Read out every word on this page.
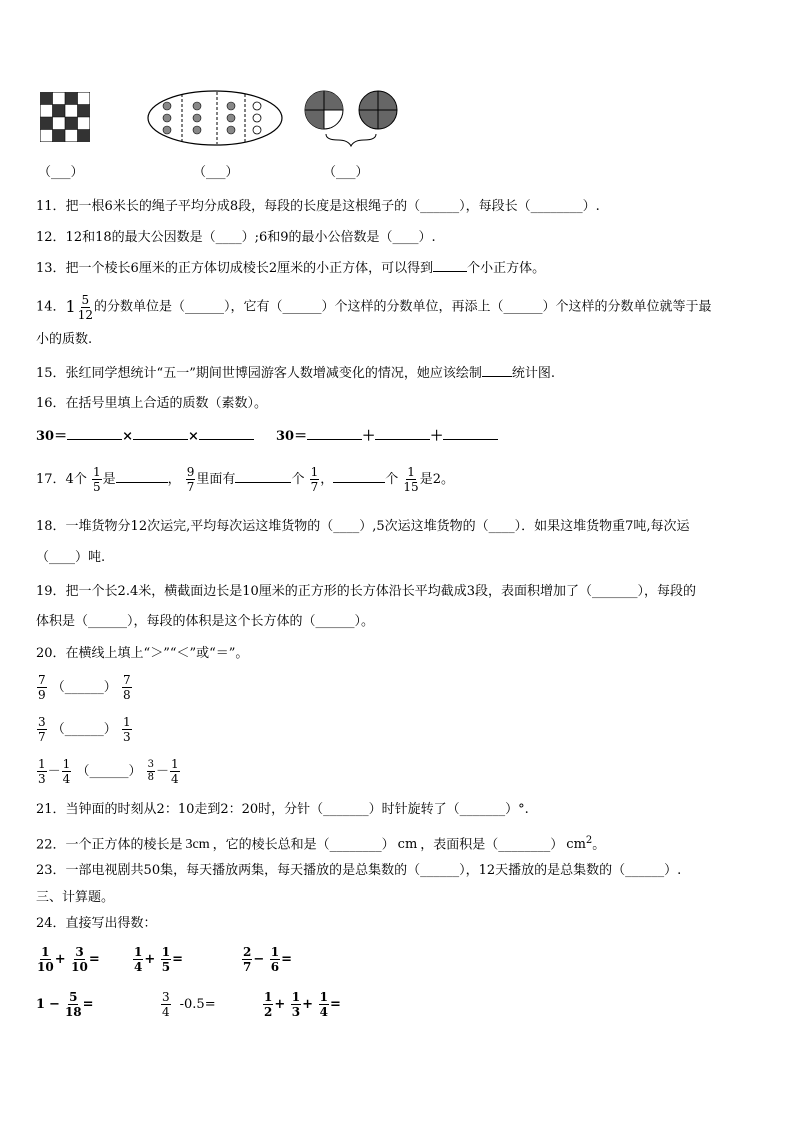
（___）	（___）	（___）
11．把一根6米长的绳子平均分成8段，每段的长度是这根绳子的（______），每段长（________）.
12．12和18的最大公因数是（____）;6和9的最小公倍数是（____）.
13．把一个棱长6厘米的正方体切成棱长2厘米的小正方体，可以得到	个小正方体。
14． $1 \frac{5}{12}$ 的分数单位是（______），它有（______）个这样的分数单位，再添上（______）个这样的分数单位就等于最
小的质数.
15．张红同学想统计“五一”期间世博园游客人数增减变化的情况，她应该绘制 统计图.
16．在括号里填上合适的质数（素数）。
30＝	×	×	30＝	＋	＋
17．4个 $\frac{1}{5}$ 是	， $\frac{9}{7}$ 里面有	个 $\frac{1}{7}$ ，	个 $\frac{1}{15}$ 是2。
18．一堆货物分12次运完,平均每次运这堆货物的（____）,5次运这堆货物的（____）．如果这堆货物重7吨,每次运
（____）吨.
19．把一个长2.4米，横截面边长是10厘米的正方形的长方体沿长平均截成3段，表面积增加了（_______），每段的
体积是（______），每段的体积是这个长方体的（______）。
20．在横线上填上“＞”“＜”或“＝”。
$\frac{7}{9}$ （______） $\frac{7}{8}$
$\frac{3}{7}$ （______） $\frac{1}{3}$
$\frac{1}{3} - \frac{1}{4}$ （______） $\frac{3}{8} - \frac{1}{4}$
21．当钟面的时刻从2：10走到2：20时，分针（_______）时针旋转了（_______）°.
22．一个正方体的棱长是 3cm ，它的棱长总和是（________） cm ，表面积是（________） $cm^2$。
23．一部电视剧共50集，每天播放两集，每天播放的是总集数的（______），12天播放的是总集数的（______）.
三、计算题。
24．直接写出得数：
$\frac{1}{10} + \frac{3}{10}$ =	$\frac{1}{4} + \frac{1}{5}$ =	$\frac{2}{7} - \frac{1}{6}$ =
$1 - \frac{5}{18}$ =	$\frac{3}{4} -0.5=$	$\frac{1}{2} + \frac{1}{3} + \frac{1}{4}$ =
